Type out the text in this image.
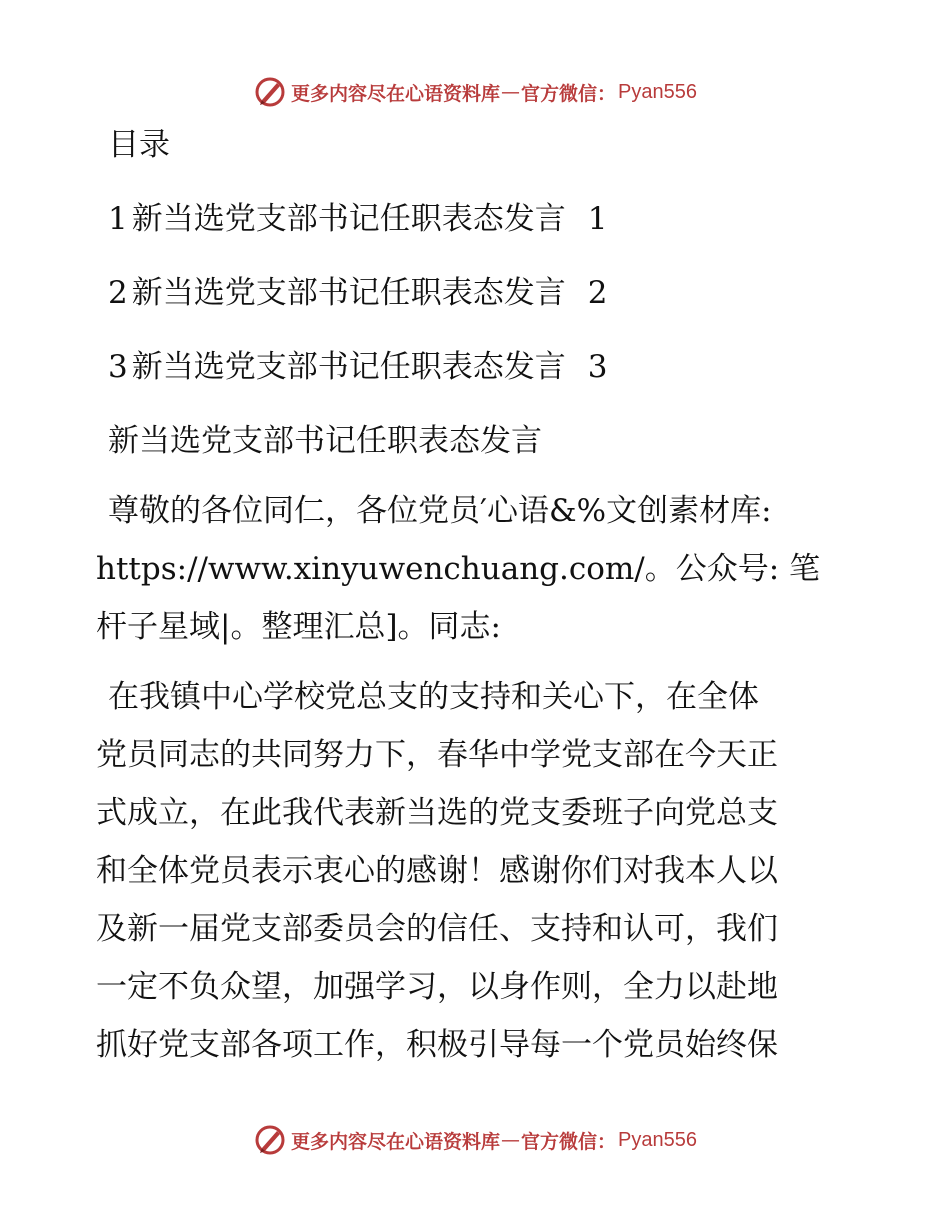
更多内容尽在心语资料库 — 官方微信： Pyan556

目录

1 新当选党支部书记任职表态发言 1
2 新当选党支部书记任职表态发言 2
3 新当选党支部书记任职表态发言 3

新当选党支部书记任职表态发言

尊敬的各位同仁，各位党员′心语&%文创素材库:

https://www.xinyuwenchuang.com/。公众号: 笔

杆子星域|。整理汇总]。同志:

在我镇中心学校党总支的支持和关心下，在全体

党员同志的共同努力下，春华中学党支部在今天正

式成立，在此我代表新当选的党支委班子向党总支

和全体党员表示衷心的感谢！感谢你们对我本人以

及新一届党支部委员会的信任、支持和认可，我们

一定不负众望，加强学习，以身作则，全力以赴地

抓好党支部各项工作，积极引导每一个党员始终保

更多内容尽在心语资料库 — 官方微信： Pyan556
